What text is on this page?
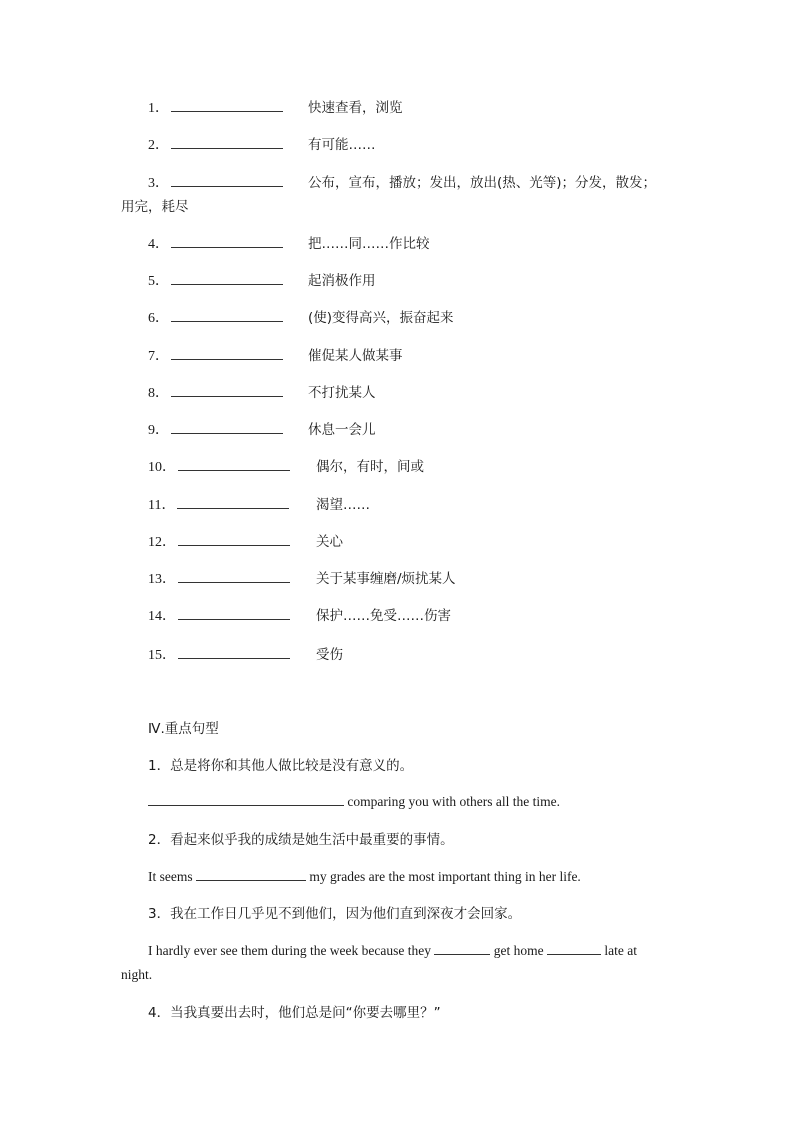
1．	快速查看，浏览
2．	有可能……
3．	公布，宣布，播放；发出，放出(热、光等)；分发，散发；
用完，耗尽
4．	把……同……作比较
5．	起消极作用
6．	(使)变得高兴，振奋起来
7．	催促某人做某事
8．	不打扰某人
9．	休息一会儿
10．	偶尔，有时，间或
11．	渴望……
12．	关心
13．	关于某事缠磨/烦扰某人
14．	保护……免受……伤害
15．	受伤
Ⅳ.重点句型
1．总是将你和其他人做比较是没有意义的。
comparing you with others all the time.
2．看起来似乎我的成绩是她生活中最重要的事情。
It seems	my grades are the most important thing in her life.
3．我在工作日几乎见不到他们，因为他们直到深夜才会回家。
I hardly ever see them during the week because they	get home	late at
night.
4．当我真要出去时，他们总是问“你要去哪里？”
